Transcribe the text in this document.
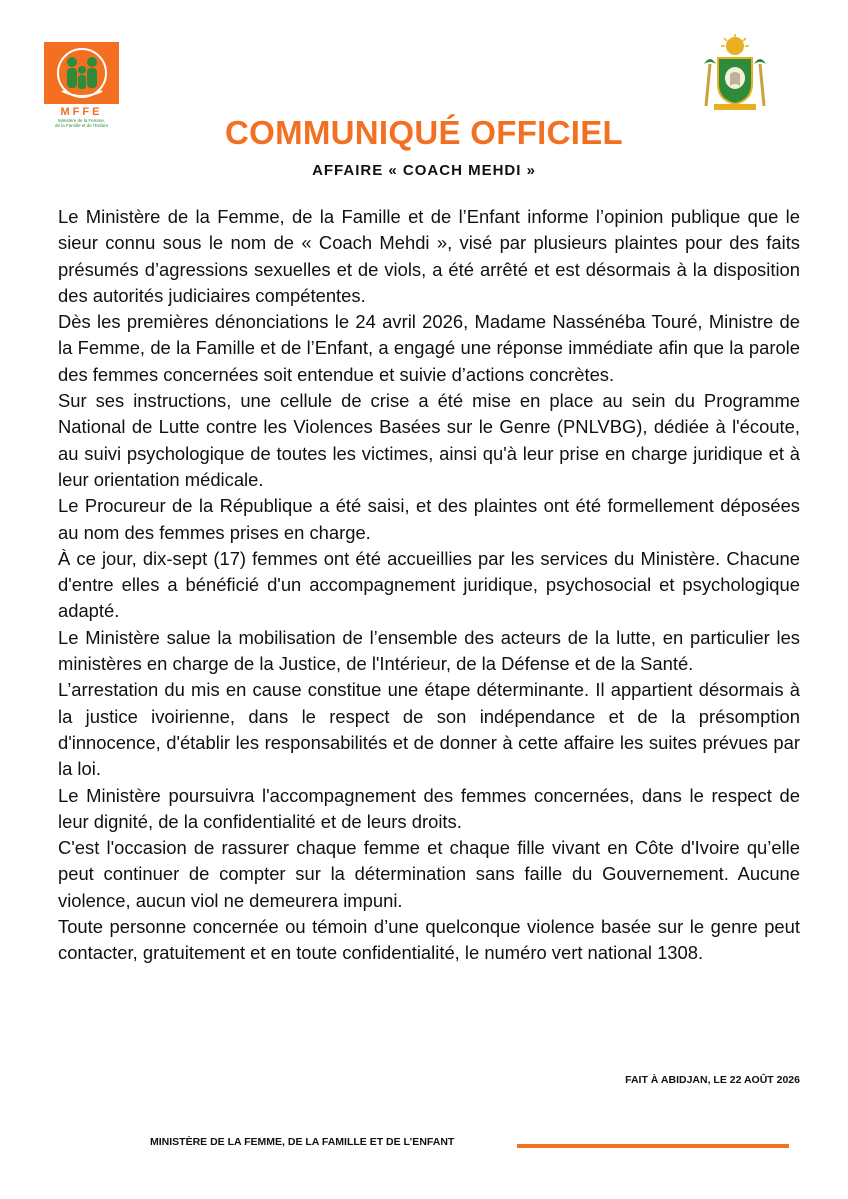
MFFE
Ministère de la Femme,
de la Famille et de l'Enfant	COMMUNIQUÉ OFFICIEL
AFFAIRE « COACH MEHDI »

Le Ministère de la Femme, de la Famille et de l’Enfant informe l’opinion publique que le sieur connu sous le nom de « Coach Mehdi », visé par plusieurs plaintes pour des faits présumés d’agressions sexuelles et de viols, a été arrêté et est désormais à la disposition des autorités judiciaires compétentes.

Dès les premières dénonciations le 24 avril 2026, Madame Nassénéba Touré, Ministre de la Femme, de la Famille et de l’Enfant, a engagé une réponse immédiate afin que la parole des femmes concernées soit entendue et suivie d’actions concrètes.

Sur ses instructions, une cellule de crise a été mise en place au sein du Programme National de Lutte contre les Violences Basées sur le Genre (PNLVBG), dédiée à l'écoute, au suivi psychologique de toutes les victimes, ainsi qu'à leur prise en charge juridique et à leur orientation médicale.

Le Procureur de la République a été saisi, et des plaintes ont été formellement déposées au nom des femmes prises en charge.

À ce jour, dix-sept (17) femmes ont été accueillies par les services du Ministère. Chacune d'entre elles a bénéficié d'un accompagnement juridique, psychosocial et psychologique adapté.

Le Ministère salue la mobilisation de l’ensemble des acteurs de la lutte, en particulier les ministères en charge de la Justice, de l'Intérieur, de la Défense et de la Santé.

L’arrestation du mis en cause constitue une étape déterminante. Il appartient désormais à la justice ivoirienne, dans le respect de son indépendance et de la présomption d'innocence, d'établir les responsabilités et de donner à cette affaire les suites prévues par la loi.

Le Ministère poursuivra l'accompagnement des femmes concernées, dans le respect de leur dignité, de la confidentialité et de leurs droits.

C'est l'occasion de rassurer chaque femme et chaque fille vivant en Côte d'Ivoire qu’elle peut continuer de compter sur la détermination sans faille du Gouvernement. Aucune violence, aucun viol ne demeurera impuni.

Toute personne concernée ou témoin d’une quelconque violence basée sur le genre peut contacter, gratuitement et en toute confidentialité, le numéro vert national 1308.

FAIT À ABIDJAN, LE 22 AOÛT 2026
MINISTÈRE DE LA FEMME, DE LA FAMILLE ET DE L’ENFANT
